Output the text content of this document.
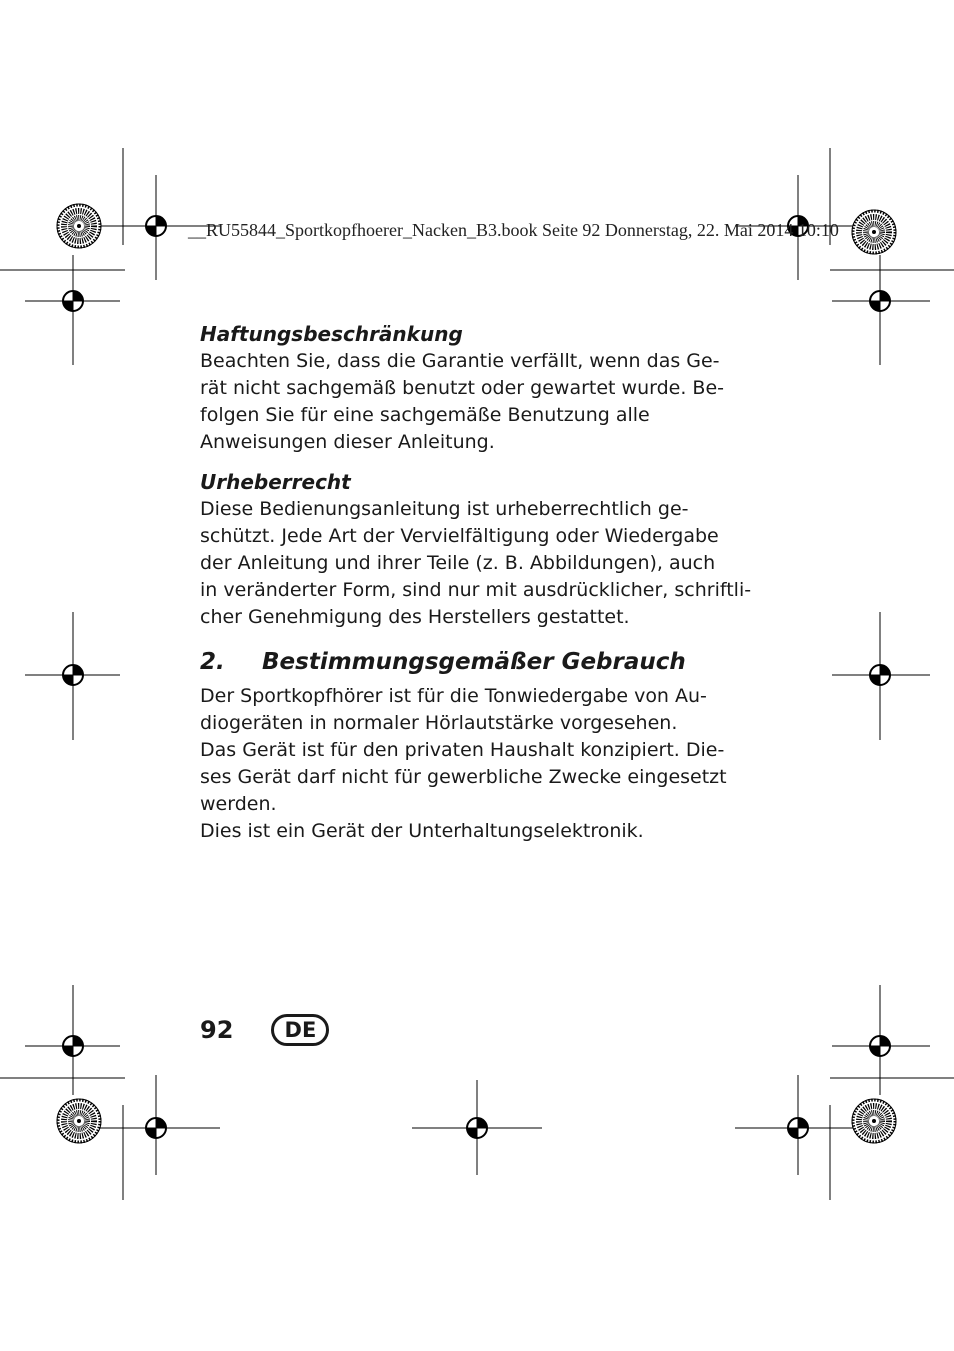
__RU55844_Sportkopfhoerer_Nacken_B3.book Seite 92 Donnerstag, 22. Mai 2014 10:10
Haftungsbeschränkung
Beachten Sie, dass die Garantie verfällt, wenn das Ge-
rät nicht sachgemäß benutzt oder gewartet wurde. Be-
folgen Sie für eine sachgemäße Benutzung alle
Anweisungen dieser Anleitung.
Urheberrecht
Diese Bedienungsanleitung ist urheberrechtlich ge-
schützt. Jede Art der Vervielfältigung oder Wiedergabe
der Anleitung und ihrer Teile (z. B. Abbildungen), auch
in veränderter Form, sind nur mit ausdrücklicher, schriftli-
cher Genehmigung des Herstellers gestattet.
2. Bestimmungsgemäßer Gebrauch
Der Sportkopfhörer ist für die Tonwiedergabe von Au-
diogeräten in normaler Hörlautstärke vorgesehen.
Das Gerät ist für den privaten Haushalt konzipiert. Die-
ses Gerät darf nicht für gewerbliche Zwecke eingesetzt
werden.
Dies ist ein Gerät der Unterhaltungselektronik.
92	DE
